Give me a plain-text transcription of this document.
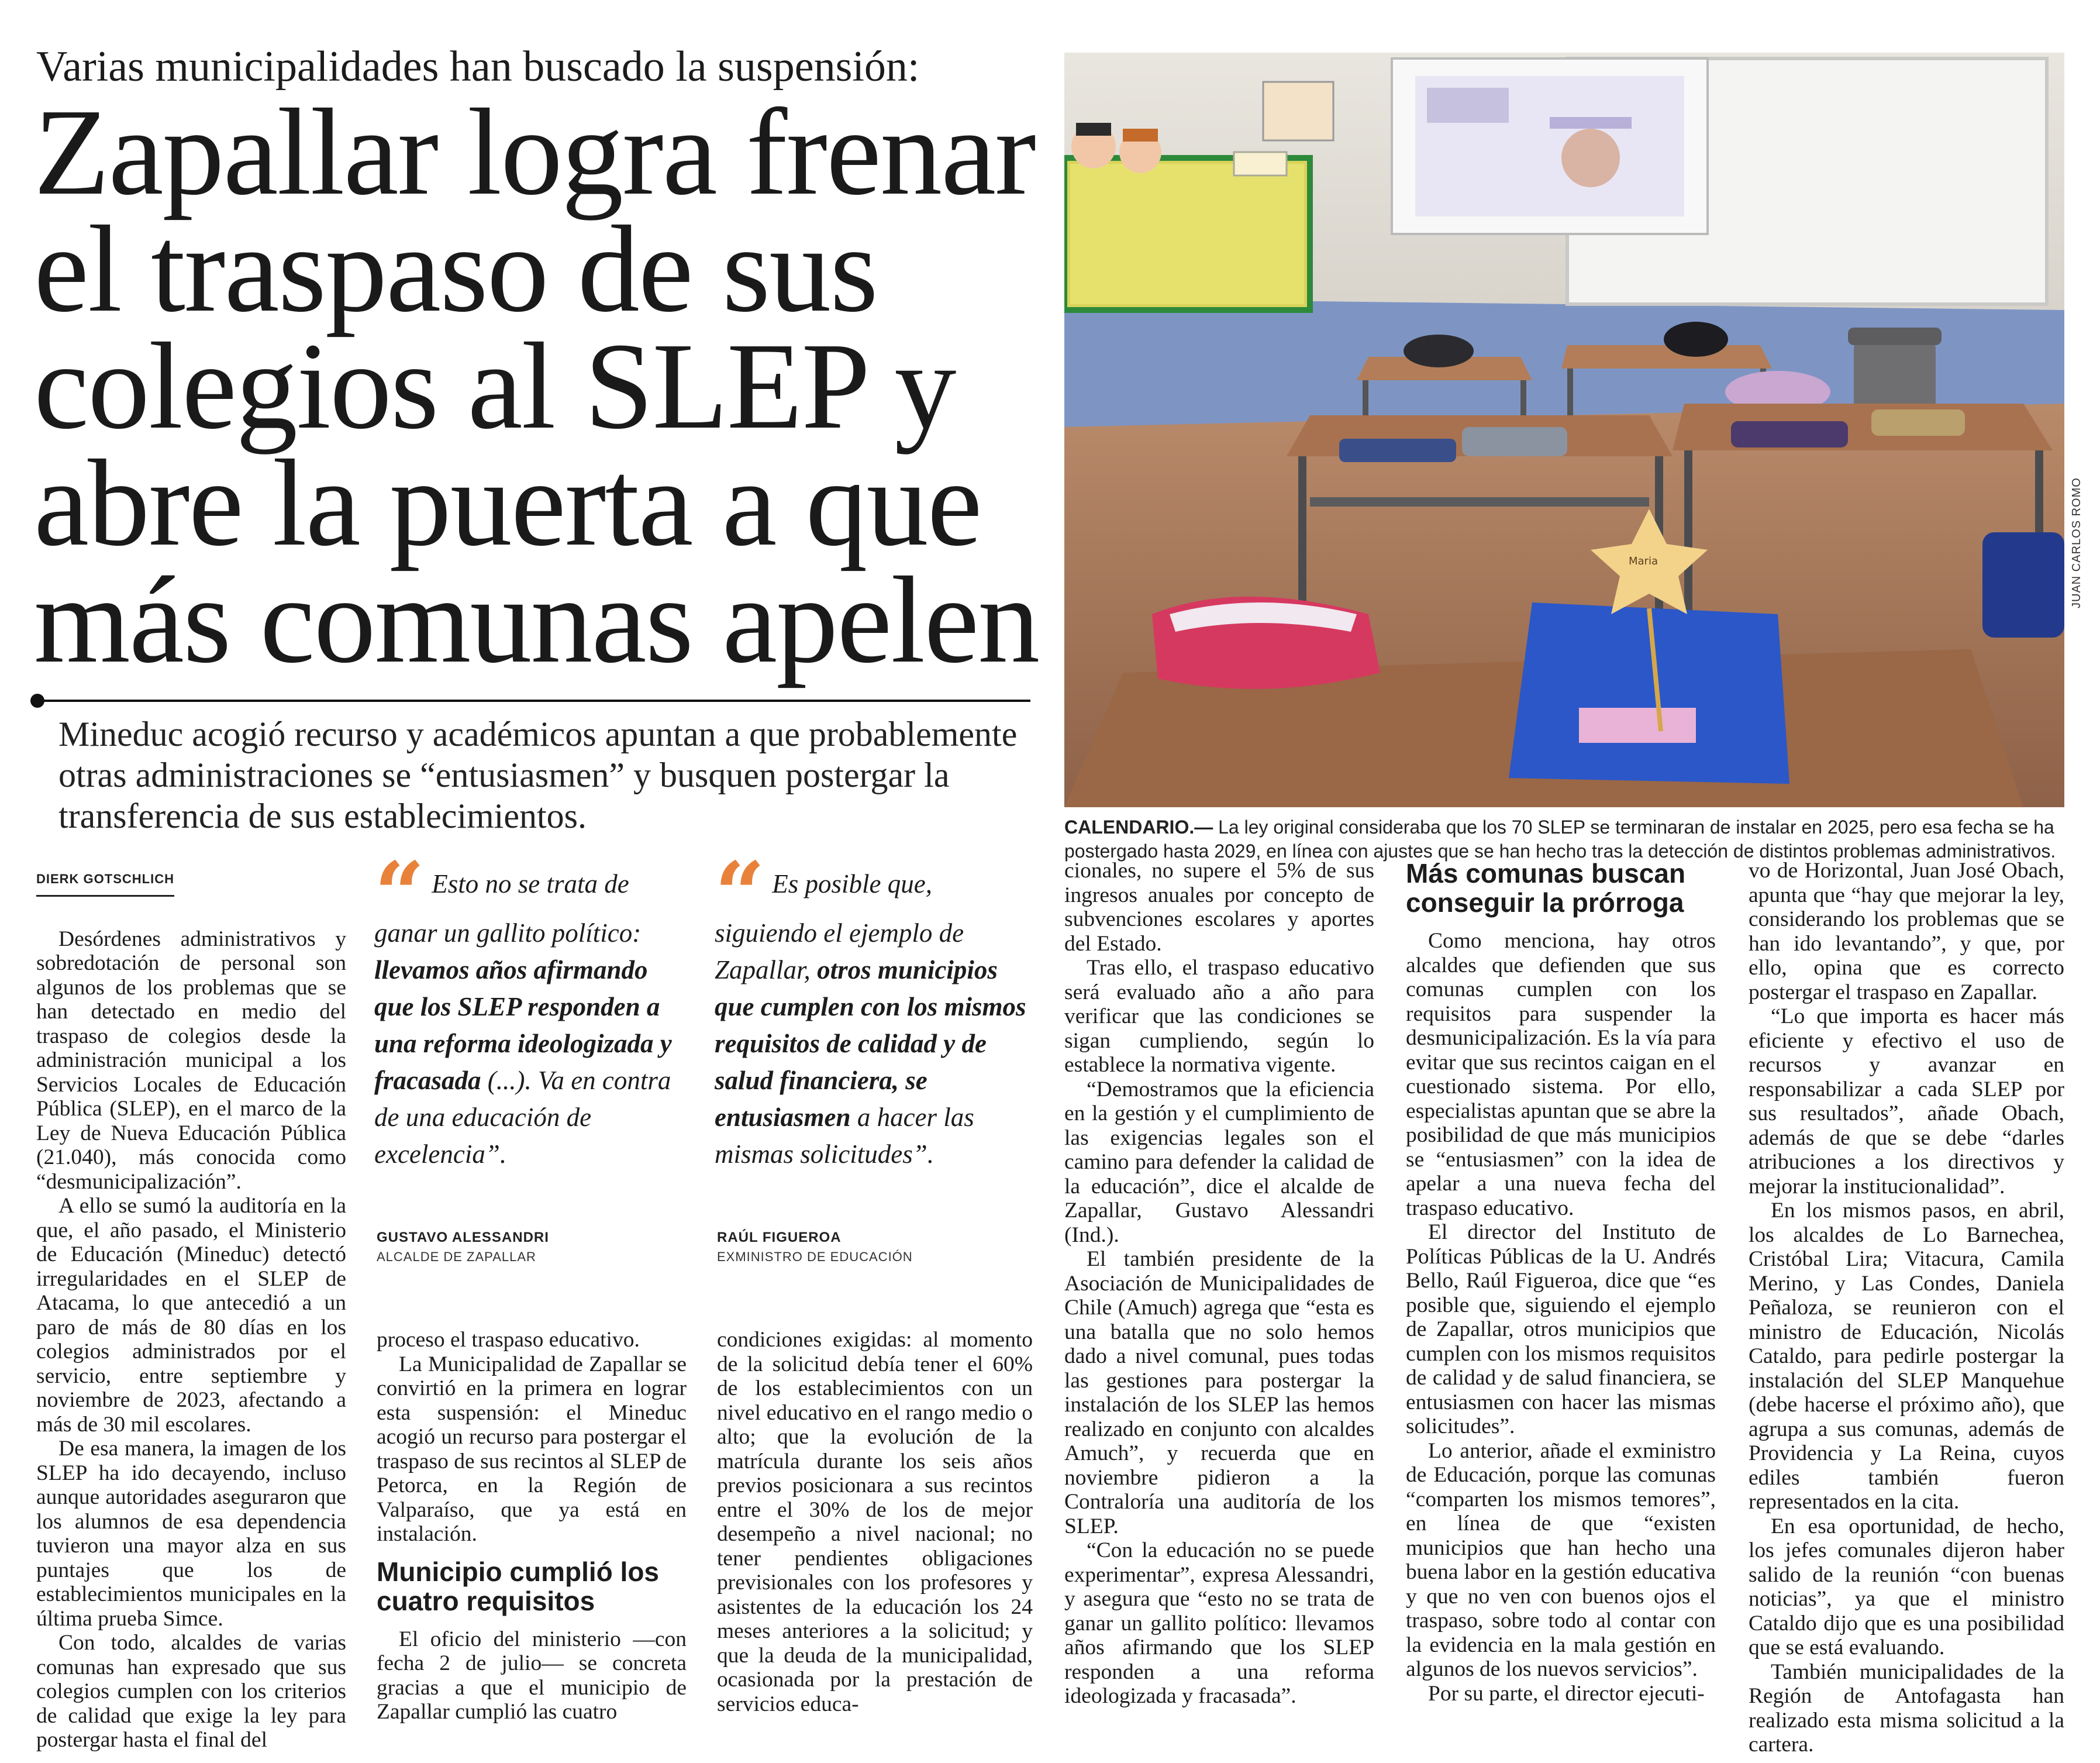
Varias municipalidades han buscado la suspensión:
Zapallar logra frenar
el traspaso de sus
colegios al SLEP y
abre la puerta a que
más comunas apelen
Mineduc acogió recurso y académicos apuntan a que probablemente otras administraciones se “entusiasmen” y busquen postergar la transferencia de sus establecimientos.
Maria	JUAN CARLOS ROMO
CALENDARIO.— La ley original consideraba que los 70 SLEP se terminaran de instalar en 2025, pero esa fecha se ha postergado hasta 2029, en línea con ajustes que se han hecho tras la detección de distintos problemas administrativos.
DIERK GOTSCHLICH

Desórdenes administrativos y sobredotación de personal son algunos de los problemas que se han detectado en medio del traspaso de colegios desde la administración municipal a los Servicios Locales de Educación Pública (SLEP), en el marco de la Ley de Nueva Educación Pública (21.040), más conocida como “desmunicipalización”.

A ello se sumó la auditoría en la que, el año pasado, el Ministerio de Educación (Mineduc) detectó irregularidades en el SLEP de Atacama, lo que antecedió a un paro de más de 80 días en los colegios administrados por el servicio, entre septiembre y noviembre de 2023, afectando a más de 30 mil escolares.

De esa manera, la imagen de los SLEP ha ido decayendo, incluso aunque autoridades aseguraron que los alumnos de esa dependencia tuvieron una mayor alza en sus puntajes que los de establecimientos municipales en la última prueba Simce.

Con todo, alcaldes de varias comunas han expresado que sus colegios cumplen con los criterios de calidad que exige la ley para postergar hasta el final del

“ Esto no se trata de ganar un gallito político: llevamos años afirmando que los SLEP responden a una reforma ideologizada y fracasada (...). Va en contra de una educación de excelencia”.
GUSTAVO ALESSANDRI
ALCALDE DE ZAPALLAR
“ Es posible que, siguiendo el ejemplo de Zapallar, otros municipios que cumplen con los mismos requisitos de calidad y de salud financiera, se entusiasmen a hacer las mismas solicitudes”.
RAÚL FIGUEROA
EXMINISTRO DE EDUCACIÓN

proceso el traspaso educativo.

La Municipalidad de Zapallar se convirtió en la primera en lograr esta suspensión: el Mineduc acogió un recurso para postergar el traspaso de sus recintos al SLEP de Petorca, en la Región de Valparaíso, que ya está en instalación.

Municipio cumplió los cuatro requisitos

El oficio del ministerio —con fecha 2 de julio— se concreta gracias a que el municipio de Zapallar cumplió las cuatro

condiciones exigidas: al momento de la solicitud debía tener el 60% de los establecimientos con un nivel educativo en el rango medio o alto; que la evolución de la matrícula durante los seis años previos posicionara a sus recintos entre el 30% de los de mejor desempeño a nivel nacional; no tener pendientes obligaciones previsionales con los profesores y asistentes de la educación los 24 meses anteriores a la solicitud; y que la deuda de la municipalidad, ocasionada por la prestación de servicios educa-

cionales, no supere el 5% de sus ingresos anuales por concepto de subvenciones escolares y aportes del Estado.

Tras ello, el traspaso educativo será evaluado año a año para verificar que las condiciones se sigan cumpliendo, según lo establece la normativa vigente.

“Demostramos que la eficiencia en la gestión y el cumplimiento de las exigencias legales son el camino para defender la calidad de la educación”, dice el alcalde de Zapallar, Gustavo Alessandri (Ind.).

El también presidente de la Asociación de Municipalidades de Chile (Amuch) agrega que “esta es una batalla que no solo hemos dado a nivel comunal, pues todas las gestiones para postergar la instalación de los SLEP las hemos realizado en conjunto con alcaldes Amuch”, y recuerda que en noviembre pidieron a la Contraloría una auditoría de los SLEP.

“Con la educación no se puede experimentar”, expresa Alessandri, y asegura que “esto no se trata de ganar un gallito político: llevamos años afirmando que los SLEP responden a una reforma ideologizada y fracasada”.

Más comunas buscan conseguir la prórroga

Como menciona, hay otros alcaldes que defienden que sus comunas cumplen con los requisitos para suspender la desmunicipalización. Es la vía para evitar que sus recintos caigan en el cuestionado sistema. Por ello, especialistas apuntan que se abre la posibilidad de que más municipios se “entusiasmen” con la idea de apelar a una nueva fecha del traspaso educativo.

El director del Instituto de Políticas Públicas de la U. Andrés Bello, Raúl Figueroa, dice que “es posible que, siguiendo el ejemplo de Zapallar, otros municipios que cumplen con los mismos requisitos de calidad y de salud financiera, se entusiasmen con hacer las mismas solicitudes”.

Lo anterior, añade el exministro de Educación, porque las comunas “comparten los mismos temores”, en línea de que “existen municipios que han hecho una buena labor en la gestión educativa y que no ven con buenos ojos el traspaso, sobre todo al contar con la evidencia en la mala gestión en algunos de los nuevos servicios”.

Por su parte, el director ejecuti-

vo de Horizontal, Juan José Obach, apunta que “hay que mejorar la ley, considerando los problemas que se han ido levantando”, y que, por ello, opina que es correcto postergar el traspaso en Zapallar.

“Lo que importa es hacer más eficiente y efectivo el uso de recursos y avanzar en responsabilizar a cada SLEP por sus resultados”, añade Obach, además de que se debe “darles atribuciones a los directivos y mejorar la institucionalidad”.

En los mismos pasos, en abril, los alcaldes de Lo Barnechea, Cristóbal Lira; Vitacura, Camila Merino, y Las Condes, Daniela Peñaloza, se reunieron con el ministro de Educación, Nicolás Cataldo, para pedirle postergar la instalación del SLEP Manquehue (debe hacerse el próximo año), que agrupa a sus comunas, además de Providencia y La Reina, cuyos ediles también fueron representados en la cita.

En esa oportunidad, de hecho, los jefes comunales dijeron haber salido de la reunión “con buenas noticias”, ya que el ministro Cataldo dijo que es una posibilidad que se está evaluando.

También municipalidades de la Región de Antofagasta han realizado esta misma solicitud a la cartera.
